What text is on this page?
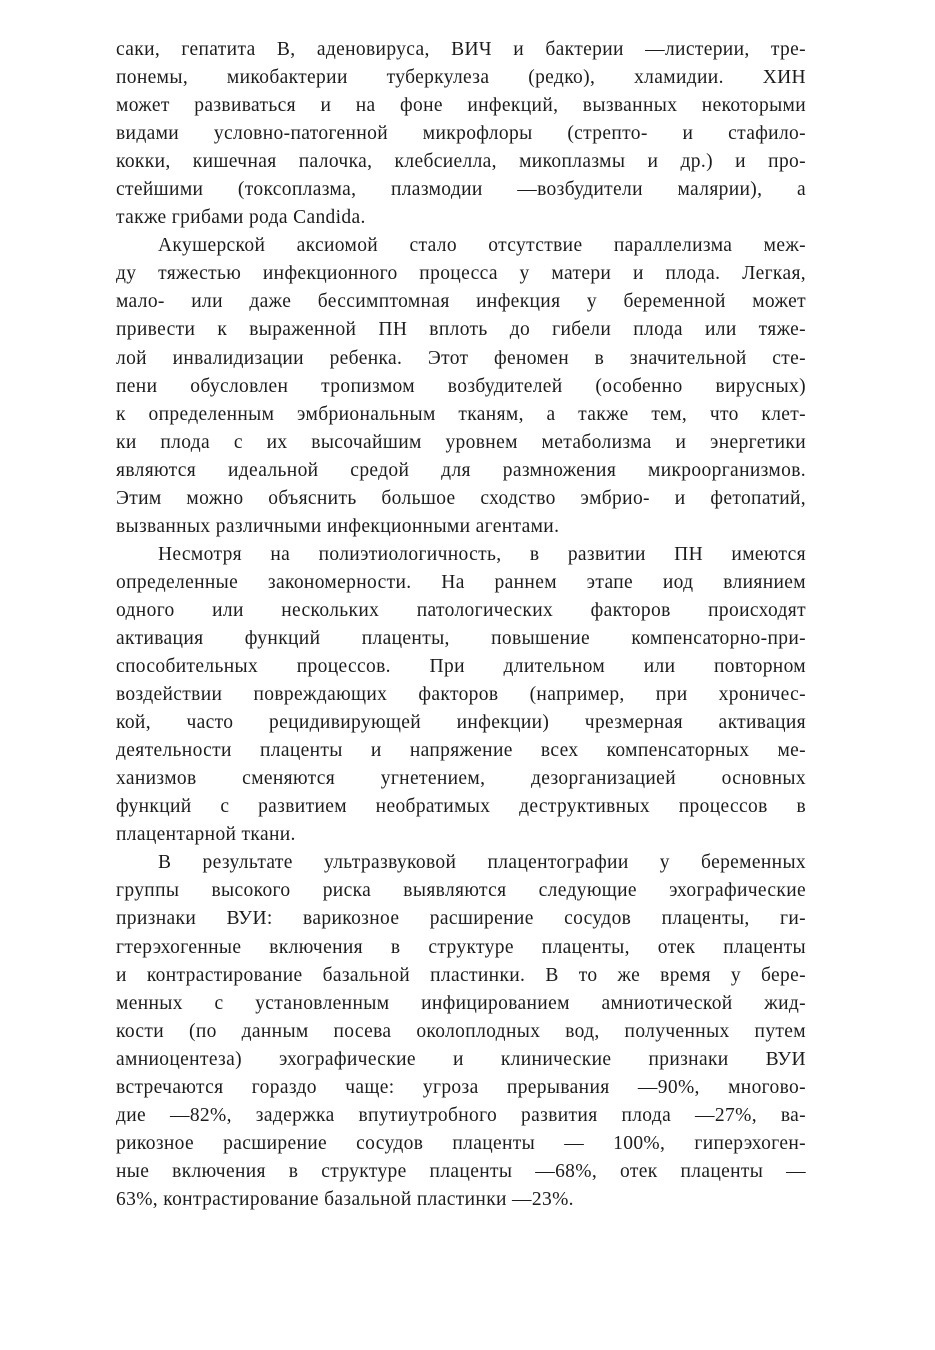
саки, гепатита В, аденовируса, ВИЧ и бактерии —листерии, тре-
понемы, микобактерии туберкулеза (редко), хламидии. ХИН
может развиваться и на фоне инфекций, вызванных некоторыми
видами условно-патогенной микрофлоры (стрепто- и стафило-
кокки, кишечная палочка, клебсиелла, микоплазмы и др.) и про-
стейшими (токсоплазма, плазмодии —возбудители малярии), а
также грибами рода Candida.
Акушерской аксиомой стало отсутствие параллелизма меж-
ду тяжестью инфекционного процесса у матери и плода. Легкая,
мало- или даже бессимптомная инфекция у беременной может
привести к выраженной ПН вплоть до гибели плода или тяже-
лой инвалидизации ребенка. Этот феномен в значительной сте-
пени обусловлен тропизмом возбудителей (особенно вирусных)
к определенным эмбриональным тканям, а также тем, что клет-
ки плода с их высочайшим уровнем метаболизма и энергетики
являются идеальной средой для размножения микроорганизмов.
Этим можно объяснить большое сходство эмбрио- и фетопатий,
вызванных различными инфекционными агентами.
Несмотря на полиэтиологичность, в развитии ПН имеются
определенные закономерности. На раннем этапе иод влиянием
одного или нескольких патологических факторов происходят
активация функций плаценты, повышение компенсаторно-при-
способительных процессов. При длительном или повторном
воздействии повреждающих факторов (например, при хроничес-
кой, часто рецидивирующей инфекции) чрезмерная активация
деятельности плаценты и напряжение всех компенсаторных ме-
ханизмов сменяются угнетением, дезорганизацией основных
функций с развитием необратимых деструктивных процессов в
плацентарной ткани.
В результате ультразвуковой плацентографии у беременных
группы высокого риска выявляются следующие эхографические
признаки ВУИ: варикозное расширение сосудов плаценты, ги-
гтерэхогенные включения в структуре плаценты, отек плаценты
и контрастирование базальной пластинки. В то же время у бере-
менных с установленным инфицированием амниотической жид-
кости (по данным посева околоплодных вод, полученных путем
амниоцентеза) эхографические и клинические признаки ВУИ
встречаются гораздо чаще: угроза прерывания —90%, многово-
дие —82%, задержка впутиутробного развития плода —27%, ва-
рикозное расширение сосудов плаценты — 100%, гиперэхоген-
ные включения в структуре плаценты —68%, отек плаценты —
63%, контрастирование базальной пластинки —23%.
